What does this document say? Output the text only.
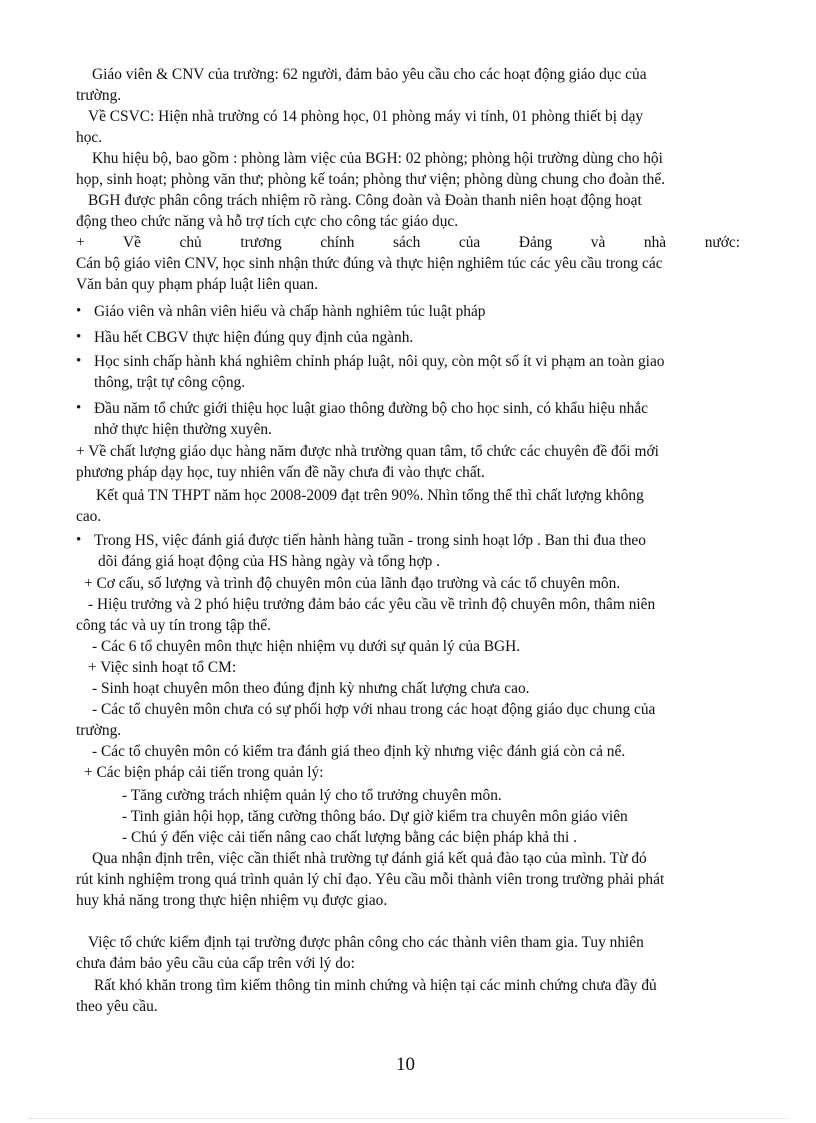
Giáo viên & CNV của trường: 62 người, đảm bảo yêu cầu cho các hoạt động giáo dục của
trường.
Về CSVC: Hiện nhà trường có 14 phòng học, 01 phòng máy vi tính, 01 phòng thiết bị dạy
học.
Khu hiệu bộ, bao gồm : phòng làm việc của BGH: 02 phòng; phòng hội trường dùng cho hội
họp, sinh hoạt; phòng văn thư; phòng kế toán; phòng thư viện; phòng dùng chung cho đoàn thể.
BGH được phân công trách nhiệm rõ ràng. Công đoàn và Đoàn thanh niên hoạt động hoạt
động theo chức năng và hỗ trợ tích cực cho công tác giáo dục.
+ Về chủ trương chính sách của Đảng và nhà nước:
Cán bộ giáo viên CNV, học sinh nhận thức đúng và thực hiện nghiêm túc các yêu cầu trong các
Văn bản quy phạm pháp luật liên quan.
• Giáo viên và nhân viên hiểu và chấp hành nghiêm túc luật pháp
• Hầu hết CBGV thực hiện đúng quy định của ngành.
• Học sinh chấp hành khá nghiêm chỉnh pháp luật, nôi quy, còn một số ít vi phạm an toàn giao
thông, trật tự công cộng.
• Đầu năm tổ chức giới thiệu học luật giao thông đường bộ cho học sinh, có khẩu hiệu nhắc
nhở thực hiện thường xuyên.
+ Về chất lượng giáo dục hàng năm được nhà trường quan tâm, tổ chức các chuyên đề đổi mới
phương pháp dạy học, tuy nhiên vấn đề nầy chưa đi vào thực chất.
Kết quả TN THPT năm học 2008-2009 đạt trên 90%. Nhìn tổng thể thì chất lượng không
cao.
• Trong HS, việc đánh giá được tiến hành hàng tuần - trong sinh hoạt lớp . Ban thi đua theo
dõi đáng giá hoạt động của HS hàng ngày và tổng hợp .
+ Cơ cấu, số lượng và trình độ chuyên môn của lãnh đạo trường và các tổ chuyên môn.
- Hiệu trưởng và 2 phó hiệu trưởng đảm bảo các yêu cầu về trình độ chuyên môn, thâm niên
công tác và uy tín trong tập thể.
- Các 6 tổ chuyên môn thực hiện nhiệm vụ dưới sự quản lý của BGH.
+ Việc sinh hoạt tổ CM:
- Sinh hoạt chuyên môn theo đúng định kỳ nhưng chất lượng chưa cao.
- Các tổ chuyên môn chưa có sự phối hợp với nhau trong các hoạt động giáo dục chung của
trường.
- Các tổ chuyên môn có kiểm tra đánh giá theo định kỳ nhưng việc đánh giá còn cả nể.
+ Các biện pháp cải tiến trong quản lý:
- Tăng cường trách nhiệm quản lý cho tổ trưởng chuyên môn.
- Tinh giản hội họp, tăng cường thông báo. Dự giờ kiểm tra chuyên môn giáo viên
- Chú ý đến việc cải tiến nâng cao chất lượng bằng các biện pháp khả thi .
Qua nhận định trên, việc cần thiết nhà trường tự đánh giá kết quả đào tạo của mình. Từ đó
rút kinh nghiệm trong quá trình quản lý chỉ đạo. Yêu cầu mỗi thành viên trong trường phải phát
huy khả năng trong thực hiện nhiệm vụ được giao.
Việc tổ chức kiểm định tại trường được phân công cho các thành viên tham gia. Tuy nhiên
chưa đảm bảo yêu cầu của cấp trên với lý do:
Rất khó khăn trong tìm kiếm thông tin minh chứng và hiện tại các minh chứng chưa đầy đủ
theo yêu cầu.
10
